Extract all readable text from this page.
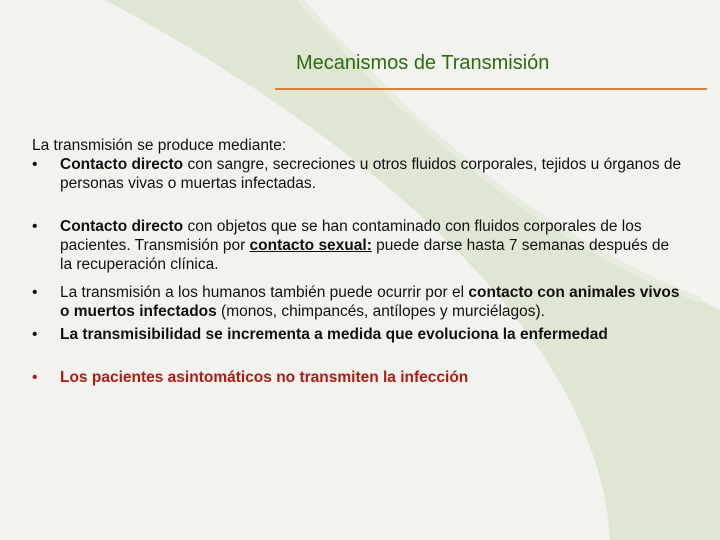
Mecanismos de Transmisión

La transmisión se produce mediante:

• Contacto directo con sangre, secreciones u otros fluidos corporales, tejidos u órganos de personas vivas o muertas infectadas.
• Contacto directo con objetos que se han contaminado con fluidos corporales de los pacientes. Transmisión por contacto sexual: puede darse hasta 7 semanas después de la recuperación clínica.
• La transmisión a los humanos también puede ocurrir por el contacto con animales vivos o muertos infectados (monos, chimpancés, antílopes y murciélagos).
• La transmisibilidad se incrementa a medida que evoluciona la enfermedad
• Los pacientes asintomáticos no transmiten la infección
